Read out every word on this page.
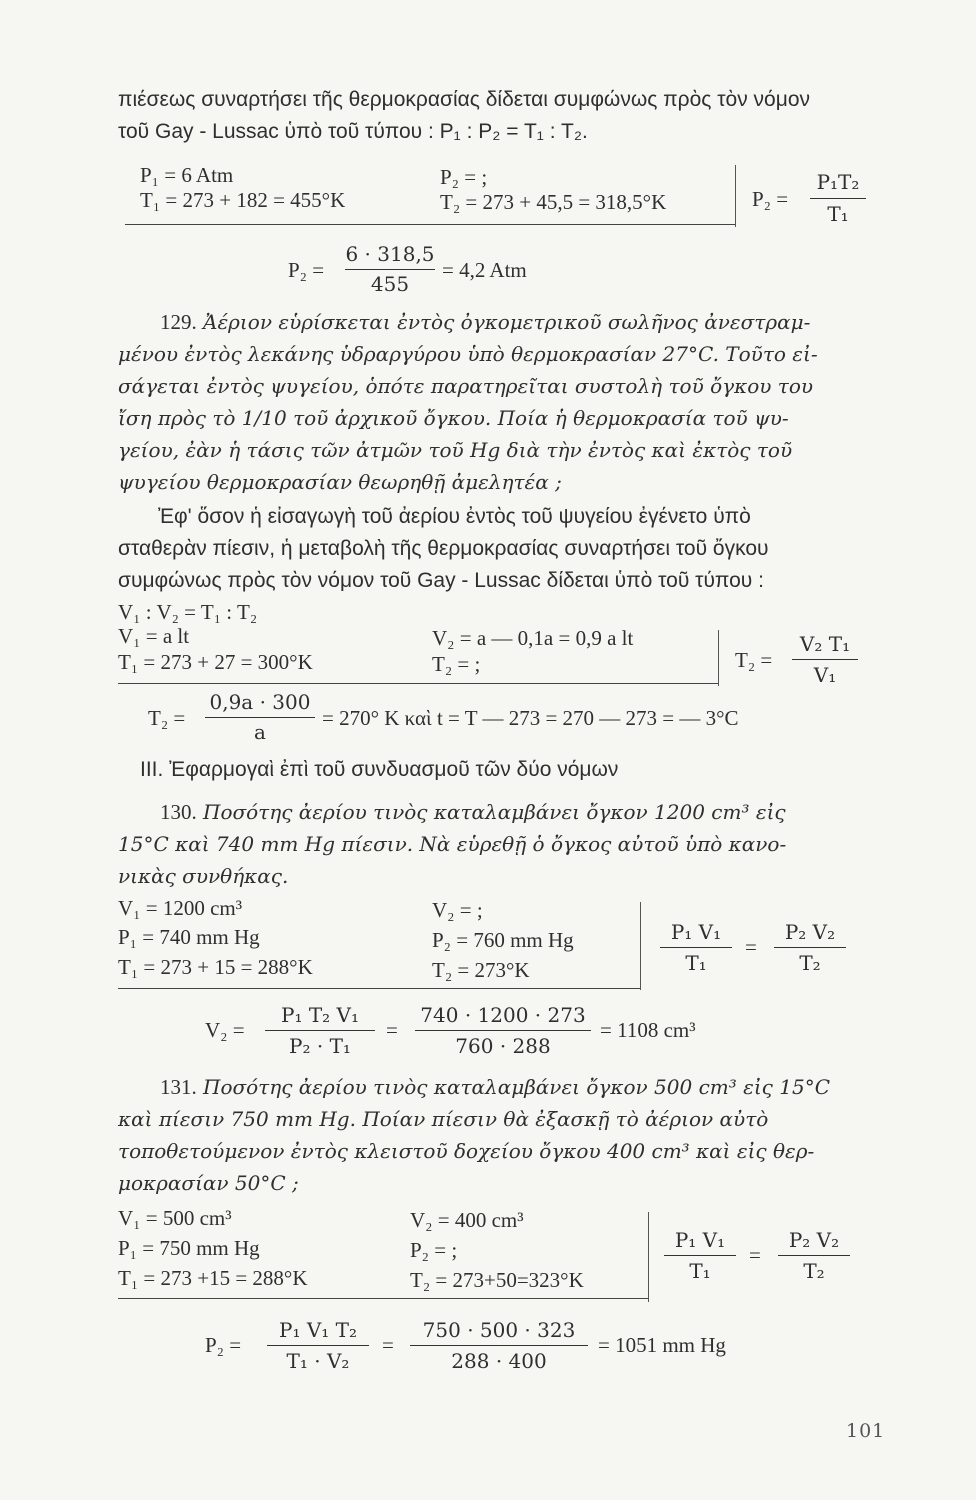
πιέσεως συναρτήσει τῆς θερμοκρασίας δίδεται συμφώνως πρὸς τὸν νόμον
τοῦ Gay - Lussac ὑπὸ τοῦ τύπου : P₁ : P₂ = T₁ : T₂.
P₁ = 6 Atm
T₁ = 273 + 182 = 455°K
P₂ = ;
T₂ = 273 + 45,5 = 318,5°K	P₂ =
P₁T₂
T₁
P₂ =
6 · 318,5
455
= 4,2 Atm
129. Ἀέριον εὑρίσκεται ἐντὸς ὀγκομετρικοῦ σωλῆνος ἀνεστραμ-
μένου ἐντὸς λεκάνης ὑδραργύρου ὑπὸ θερμοκρασίαν 27°C. Τοῦτο εἰ-
σάγεται ἐντὸς ψυγείου, ὁπότε παρατηρεῖται συστολὴ τοῦ ὄγκου του
ἴση πρὸς τὸ 1/10 τοῦ ἀρχικοῦ ὄγκου. Ποία ἡ θερμοκρασία τοῦ ψυ-
γείου, ἐὰν ἡ τάσις τῶν ἀτμῶν τοῦ Hg διὰ τὴν ἐντὸς καὶ ἐκτὸς τοῦ
ψυγείου θερμοκρασίαν θεωρηθῇ ἀμελητέα ;
Ἐφ' ὅσον ἡ εἰσαγωγὴ τοῦ ἀερίου ἐντὸς τοῦ ψυγείου ἐγένετο ὑπὸ
σταθερὰν πίεσιν, ἡ μεταβολὴ τῆς θερμοκρασίας συναρτήσει τοῦ ὄγκου
συμφώνως πρὸς τὸν νόμον τοῦ Gay - Lussac δίδεται ὑπὸ τοῦ τύπου :
V₁ : V₂ = T₁ : T₂
V₁ = a lt
T₁ = 273 + 27 = 300°K
V₂ = a — 0,1a = 0,9 a lt
T₂ = ;	T₂ =
V₂ T₁
V₁
T₂ =
0,9a · 300
a
= 270° K καὶ t = T — 273 = 270 — 273 = — 3°C
III. Ἐφαρμογαὶ ἐπὶ τοῦ συνδυασμοῦ τῶν δύο νόμων
130. Ποσότης ἀερίου τινὸς καταλαμβάνει ὄγκον 1200 cm³ εἰς
15°C καὶ 740 mm Hg πίεσιν. Νὰ εὑρεθῇ ὁ ὄγκος αὐτοῦ ὑπὸ κανο-
νικὰς συνθήκας.
V₁ = 1200 cm³
P₁ = 740 mm Hg
T₁ = 273 + 15 = 288°K
V₂ = ;
P₂ = 760 mm Hg
T₂ = 273°K
P₁ V₁
T₁
=
P₂ V₂
T₂
V₂ =
P₁ T₂ V₁
P₂ · T₁
=
740 · 1200 · 273
760 · 288
= 1108 cm³
131. Ποσότης ἀερίου τινὸς καταλαμβάνει ὄγκον 500 cm³ εἰς 15°C
καὶ πίεσιν 750 mm Hg. Ποίαν πίεσιν θὰ ἐξασκῇ τὸ ἀέριον αὐτὸ
τοποθετούμενον ἐντὸς κλειστοῦ δοχείου ὄγκου 400 cm³ καὶ εἰς θερ-
μοκρασίαν 50°C ;
V₁ = 500 cm³
P₁ = 750 mm Hg
T₁ = 273 +15 = 288°K
V₂ = 400 cm³
P₂ = ;
T₂ = 273+50=323°K
P₁ V₁
T₁
=
P₂ V₂
T₂
P₂ =
P₁ V₁ T₂
T₁ · V₂
=
750 · 500 · 323
288 · 400
= 1051 mm Hg
101
